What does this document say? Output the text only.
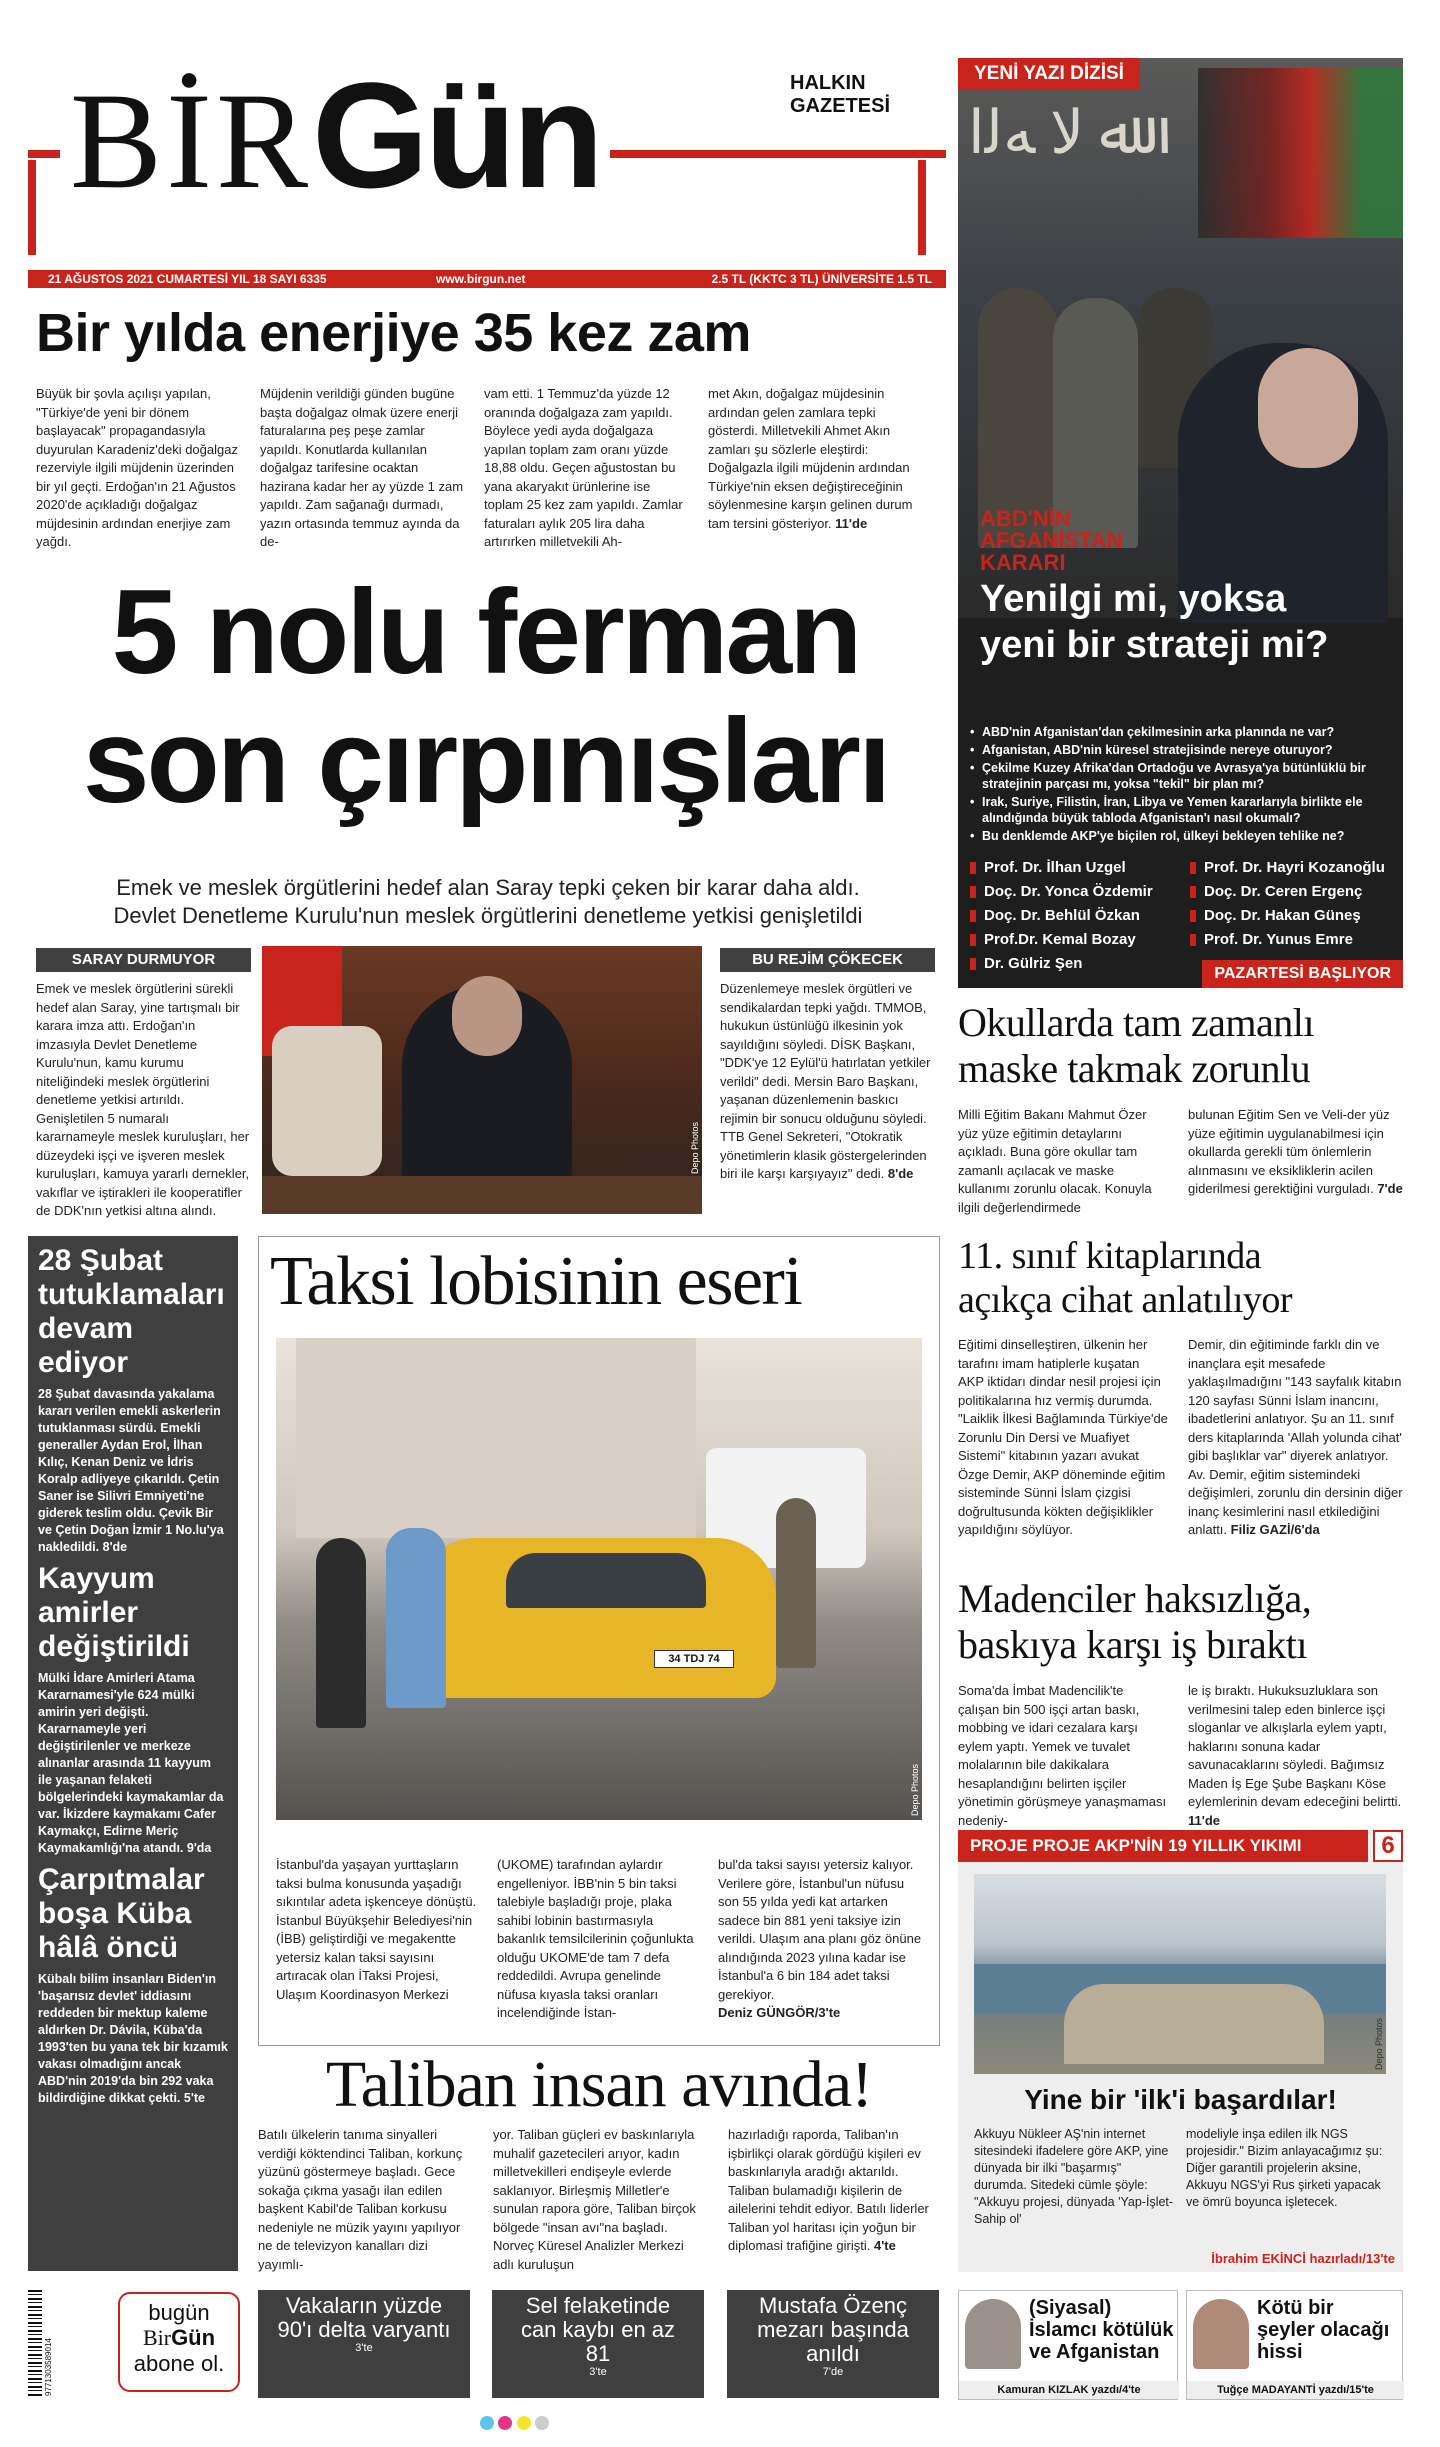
BİRGün	HALKIN GAZETESİ
21 AĞUSTOS 2021 CUMARTESİ YIL 18 SAYI 6335	www.birgun.net	2.5 TL (KKTC 3 TL) ÜNİVERSİTE 1.5 TL
Bir yılda enerjiye 35 kez zam
Büyük bir şovla açılışı yapılan, "Türkiye'de yeni bir dönem başlayacak" propagandasıyla duyurulan Karadeniz'deki doğalgaz rezerviyle ilgili müjdenin üzerinden bir yıl geçti. Erdoğan'ın 21 Ağustos 2020'de açıkladığı doğalgaz müjdesinin ardından enerjiye zam yağdı.
Müjdenin verildiği günden bugüne başta doğalgaz olmak üzere enerji faturalarına peş peşe zamlar yapıldı. Konutlarda kullanılan doğalgaz tarifesine ocaktan hazirana kadar her ay yüzde 1 zam yapıldı. Zam sağanağı durmadı, yazın ortasında temmuz ayında da de-
vam etti. 1 Temmuz'da yüzde 12 oranında doğalgaza zam yapıldı. Böylece yedi ayda doğalgaza yapılan toplam zam oranı yüzde 18,88 oldu. Geçen ağustostan bu yana akaryakıt ürünlerine ise toplam 25 kez zam yapıldı. Zamlar faturaları aylık 205 lira daha artırırken milletvekili Ah-
met Akın, doğalgaz müjdesinin ardından gelen zamlara tepki gösterdi. Milletvekili Ahmet Akın zamları şu sözlerle eleştirdi: Doğalgazla ilgili müjdenin ardından Türkiye'nin eksen değiştireceğinin söylenmesine karşın gelinen durum tam tersini gösteriyor. 11'de
ﷲ ﻻ ﻪﻟا
YENİ YAZI DİZİSİ
ABD'NİN
AFGANİSTAN
KARARI
Yenilgi mi, yoksa
yeni bir strateji mi?
• ABD'nin Afganistan'dan çekilmesinin arka planında ne var?
• Afganistan, ABD'nin küresel stratejisinde nereye oturuyor?
• Çekilme Kuzey Afrika'dan Ortadoğu ve Avrasya'ya bütünlüklü bir stratejinin parçası mı, yoksa "tekil" bir plan mı?
• Irak, Suriye, Filistin, İran, Libya ve Yemen kararlarıyla birlikte ele alındığında büyük tabloda Afganistan'ı nasıl okumalı?
• Bu denklemde AKP'ye biçilen rol, ülkeyi bekleyen tehlike ne?
Prof. Dr. İlhan Uzgel
Doç. Dr. Yonca Özdemir
Doç. Dr. Behlül Özkan
Prof.Dr. Kemal Bozay
Dr. Gülriz Şen
Prof. Dr. Hayri Kozanoğlu
Doç. Dr. Ceren Ergenç
Doç. Dr. Hakan Güneş
Prof. Dr. Yunus Emre
PAZARTESİ BAŞLIYOR
5 nolu ferman
son çırpınışları
Emek ve meslek örgütlerini hedef alan Saray tepki çeken bir karar daha aldı.
Devlet Denetleme Kurulu'nun meslek örgütlerini denetleme yetkisi genişletildi
SARAY DURMUYOR
Emek ve meslek örgütlerini sürekli hedef alan Saray, yine tartışmalı bir karara imza attı. Erdoğan'ın imzasıyla Devlet Denetleme Kurulu'nun, kamu kurumu niteliğindeki meslek örgütlerini denetleme yetkisi artırıldı. Genişletilen 5 numaralı kararnameyle meslek kuruluşları, her düzeydeki işçi ve işveren meslek kuruluşları, kamuya yararlı dernekler, vakıflar ve iştirakleri ile kooperatifler de DDK'nın yetkisi altına alındı.
Depo Photos
BU REJİM ÇÖKECEK
Düzenlemeye meslek örgütleri ve sendikalardan tepki yağdı. TMMOB, hukukun üstünlüğü ilkesinin yok sayıldığını söyledi. DİSK Başkanı, "DDK'ye 12 Eylül'ü hatırlatan yetkiler verildi" dedi. Mersin Baro Başkanı, yaşanan düzenlemenin baskıcı rejimin bir sonucu olduğunu söyledi. TTB Genel Sekreteri, "Otokratik yönetimlerin klasik göstergelerinden biri ile karşı karşıyayız" dedi. 8'de
Okullarda tam zamanlı
maske takmak zorunlu
Milli Eğitim Bakanı Mahmut Özer yüz yüze eğitimin detaylarını açıkladı. Buna göre okullar tam zamanlı açılacak ve maske kullanımı zorunlu olacak. Konuyla ilgili değerlendirmede
bulunan Eğitim Sen ve Veli-der yüz yüze eğitimin uygulanabilmesi için okullarda gerekli tüm önlemlerin alınmasını ve eksikliklerin acilen giderilmesi gerektiğini vurguladı. 7'de
28 Şubat tutuklamaları devam ediyor
28 Şubat davasında yakalama kararı verilen emekli askerlerin tutuklanması sürdü. Emekli generaller Aydan Erol, İlhan Kılıç, Kenan Deniz ve İdris Koralp adliyeye çıkarıldı. Çetin Saner ise Silivri Emniyeti'ne giderek teslim oldu. Çevik Bir ve Çetin Doğan İzmir 1 No.lu'ya nakledildi. 8'de
Kayyum amirler değiştirildi
Mülki İdare Amirleri Atama Kararnamesi'yle 624 mülki amirin yeri değişti. Kararnameyle yeri değiştirilenler ve merkeze alınanlar arasında 11 kayyum ile yaşanan felaketi bölgelerindeki kaymakamlar da var. İkizdere kaymakamı Cafer Kaymakçı, Edirne Meriç Kaymakamlığı'na atandı. 9'da
Çarpıtmalar boşa Küba hâlâ öncü
Kübalı bilim insanları Biden'ın 'başarısız devlet' iddiasını reddeden bir mektup kaleme aldırken Dr. Dávila, Küba'da 1993'ten bu yana tek bir kızamık vakası olmadığını ancak ABD'nin 2019'da bin 292 vaka bildirdiğine dikkat çekti. 5'te
Taksi lobisinin eseri
34 TDJ 74
Depo Photos
İstanbul'da yaşayan yurttaşların taksi bulma konusunda yaşadığı sıkıntılar adeta işkenceye dönüştü. İstanbul Büyükşehir Belediyesi'nin (İBB) geliştirdiği ve megakentte yetersiz kalan taksi sayısını artıracak olan İTaksi Projesi, Ulaşım Koordinasyon Merkezi
(UKOME) tarafından aylardır engelleniyor. İBB'nin 5 bin taksi talebiyle başladığı proje, plaka sahibi lobinin bastırmasıyla bakanlık temsilcilerinin çoğunlukta olduğu UKOME'de tam 7 defa reddedildi. Avrupa genelinde nüfusa kıyasla taksi oranları incelendiğinde İstan-
bul'da taksi sayısı yetersiz kalıyor. Verilere göre, İstanbul'un nüfusu son 55 yılda yedi kat artarken sadece bin 881 yeni taksiye izin verildi. Ulaşım ana planı göz önüne alındığında 2023 yılına kadar ise İstanbul'a 6 bin 184 adet taksi gerekiyor.
Deniz GÜNGÖR/3'te
11. sınıf kitaplarında
açıkça cihat anlatılıyor
Eğitimi dinselleştiren, ülkenin her tarafını imam hatiplerle kuşatan AKP iktidarı dindar nesil projesi için politikalarına hız vermiş durumda. "Laiklik İlkesi Bağlamında Türkiye'de Zorunlu Din Dersi ve Muafiyet Sistemi" kitabının yazarı avukat Özge Demir, AKP döneminde eğitim sisteminde Sünni İslam çizgisi doğrultusunda kökten değişiklikler yapıldığını söylüyor.
Demir, din eğitiminde farklı din ve inançlara eşit mesafede yaklaşılmadığını "143 sayfalık kitabın 120 sayfası Sünni İslam inancını, ibadetlerini anlatıyor. Şu an 11. sınıf ders kitaplarında 'Allah yolunda cihat' gibi başlıklar var" diyerek anlatıyor. Av. Demir, eğitim sistemindeki değişimleri, zorunlu din dersinin diğer inanç kesimlerini nasıl etkilediğini anlattı. Filiz GAZİ/6'da
Madenciler haksızlığa,
baskıya karşı iş bıraktı
Soma'da İmbat Madencilik'te çalışan bin 500 işçi artan baskı, mobbing ve idari cezalara karşı eylem yaptı. Yemek ve tuvalet molalarının bile dakikalara hesaplandığını belirten işçiler yönetimin görüşmeye yanaşmaması nedeniy-
le iş bıraktı. Hukuksuzluklara son verilmesini talep eden binlerce işçi sloganlar ve alkışlarla eylem yaptı, haklarını sonuna kadar savunacaklarını söyledi. Bağımsız Maden İş Ege Şube Başkanı Köse eylemlerinin devam edeceğini belirtti. 11'de
PROJE PROJE AKP'NİN 19 YILLIK YIKIMI	6
Depo Photos
Yine bir 'ilk'i başardılar!
Akkuyu Nükleer AŞ'nin internet sitesindeki ifadelere göre AKP, yine dünyada bir ilki "başarmış" durumda. Sitedeki cümle şöyle: "Akkuyu projesi, dünyada 'Yap-İşlet- Sahip ol'
modeliyle inşa edilen ilk NGS projesidir." Bizim anlayacağımız şu: Diğer garantili projelerin aksine, Akkuyu NGS'yi Rus şirketi yapacak ve ömrü boyunca işletecek.
İbrahim EKİNCİ hazırladı/13'te
Taliban insan avında!
Batılı ülkelerin tanıma sinyalleri verdiği köktendinci Taliban, korkunç yüzünü göstermeye başladı. Gece sokağa çıkma yasağı ilan edilen başkent Kabil'de Taliban korkusu nedeniyle ne müzik yayını yapılıyor ne de televizyon kanalları dizi yayımlı-
yor. Taliban güçleri ev baskınlarıyla muhalif gazetecileri arıyor, kadın milletvekilleri endişeyle evlerde saklanıyor. Birleşmiş Milletler'e sunulan rapora göre, Taliban birçok bölgede "insan avı"na başladı. Norveç Küresel Analizler Merkezi adlı kuruluşun
hazırladığı raporda, Taliban'ın işbirlikçi olarak gördüğü kişileri ev baskınlarıyla aradığı aktarıldı. Taliban bulamadığı kişilerin de ailelerini tehdit ediyor. Batılı liderler Taliban yol haritası için yoğun bir diplomasi trafiğine girişti. 4'te
9771303589014
bugün
BirGün
abone ol.
Vakaların yüzde 90'ı delta varyantı
3'te
Sel felaketinde can kaybı en az 81
3'te
Mustafa Özenç mezarı başında anıldı
7'de
(Siyasal) İslamcı kötülük ve Afganistan
Kamuran KIZLAK yazdı/4'te
Kötü bir şeyler olacağı hissi
Tuğçe MADAYANTİ yazdı/15'te
